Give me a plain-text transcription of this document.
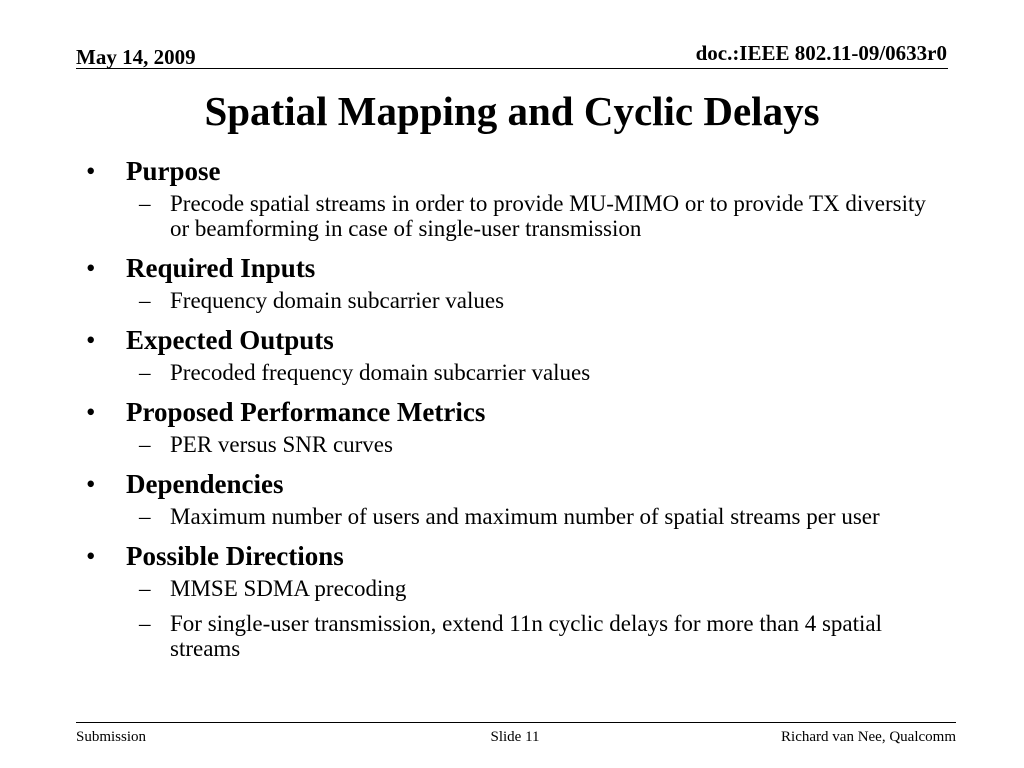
May 14, 2009	doc.:IEEE 802.11-09/0633r0
Spatial Mapping and Cyclic Delays
• Purpose
– Precode spatial streams in order to provide MU-MIMO or to provide TX diversity or beamforming in case of single-user transmission
• Required Inputs
– Frequency domain subcarrier values
• Expected Outputs
– Precoded frequency domain subcarrier values
• Proposed Performance Metrics
– PER versus SNR curves
• Dependencies
– Maximum number of users and maximum number of spatial streams per user
• Possible Directions
– MMSE SDMA precoding
– For single-user transmission, extend 11n cyclic delays for more than 4 spatial streams
Submission	Slide 11	Richard van Nee, Qualcomm
